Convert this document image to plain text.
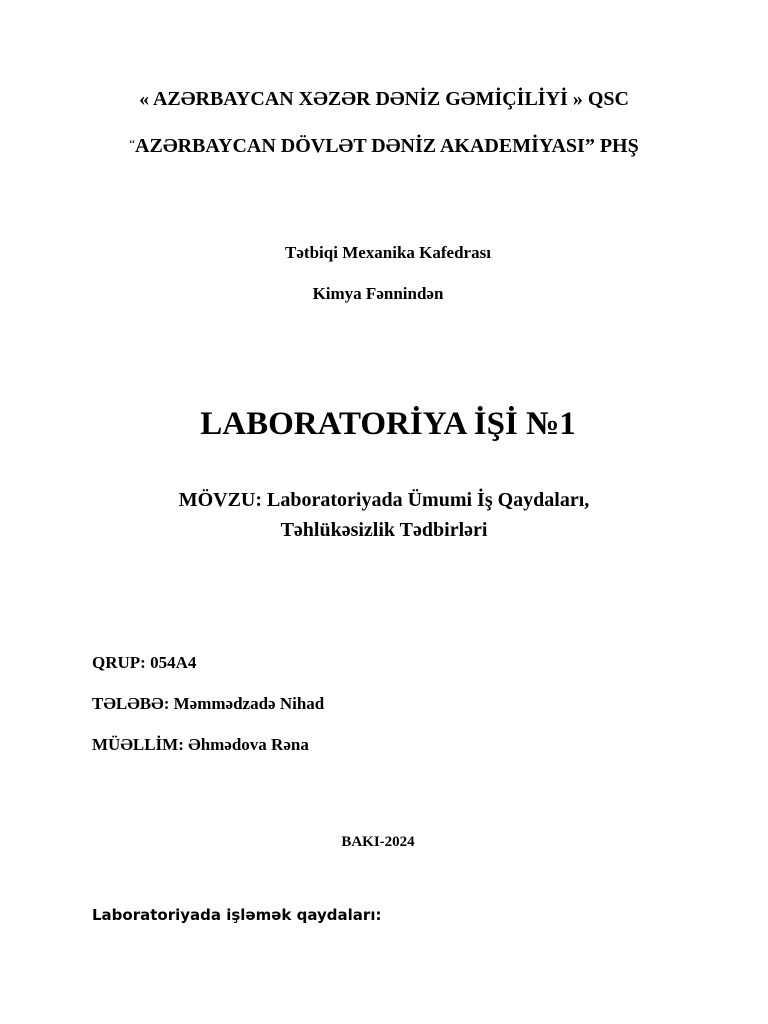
« AZƏRBAYCAN XƏZƏR DƏNİZ GƏMİÇİLİYİ » QSC
“AZƏRBAYCAN DÖVLƏT DƏNİZ AKADEMİYASI” PHŞ
Tətbiqi Mexanika Kafedrası
Kimya Fənnindən
LABORATORİYA İŞİ №1
MÖVZU: Laboratoriyada Ümumi İş Qaydaları,
Təhlükəsizlik Tədbirləri
QRUP: 054A4
TƏLƏBƏ: Məmmədzadə Nihad
MÜƏLLİM: Əhmədova Rəna
BAKI-2024
Laboratoriyada işləmək qaydaları:
